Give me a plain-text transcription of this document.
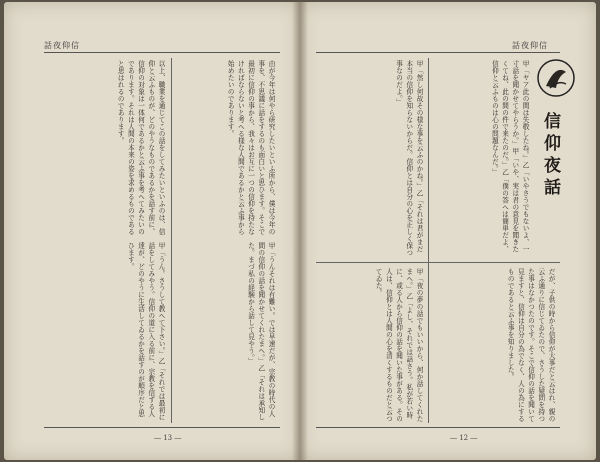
話夜仰信
由が今年は何やら研究したいといふ所から、僕は今年の事を、不思議に話をするのも面白いと思ひます。そこで最初に信仰の事から、我々はお互に一つの信仰を持たなければならないと考へる様な人間であるかと云ふ事から始めたいのであります。
以上、職業を通じてこの話をしてみたいといふのは、信仰と云ふものが、どのやうなものであるかを話す前に、信仰の対象は一体何であるかと云ふ事を考へてみたいのであります。それは人間の本来の姿を求めるものであると思はれるのであります。
甲「うんそれは有難い。では早速だが、宗教の時代の人間の信仰の話を聞かせてくれたまへ。」乙「それは承知した。まづ私の経験から話して見やう。」
甲「うん。さうして教へて下さい。」乙「それでは最初に話をしてみやう。信仰の道に入る前に、宗教を信ずる人達が、どのやうに生活してゐるかを話すのが順序だと思ひます。
― 13 ―
話夜仰信
信仰夜話
甲「ヤア此の間は失敬したね。」乙「いやさうでもないよ、一寸話を聞かせてやらうか。」甲「いや、実は君の意見を聞きたくてね、此の間の件で来たのだ。」乙「僕の答へは簡単だよ、信仰と云ふものは心の問題なんだ。」
甲「然し何故その様な事を云ふのかね。」乙「それは君がまだ本当の信仰を知らないからだ。信仰とは自分の心を正しく保つ事なのだよ。」
だが、子供の時から信仰が大事だと云はれ、親の云ふ通りに信じてゐたので、さうした疑問を持つた事はなかつたのです。そこで信仰の話を聞いて見ますと、信仰は自分の為でなく、人の為にするものであると云ふ事を知りました。
甲「夜の夢の話でもいいから、何か話してくれたまへ。」乙「よし、それでは話さう。私が若い時に、或る人から信仰の話を聞いた事がある。その人は、信仰とは人間の心を清くするものだと云つてゐた。
― 12 ―
